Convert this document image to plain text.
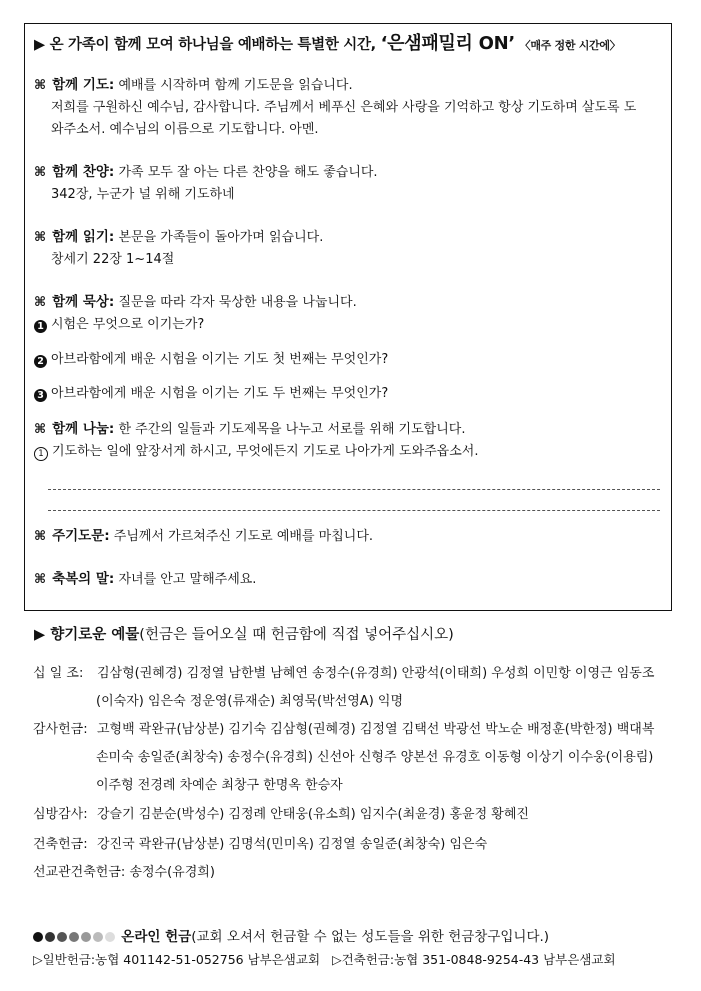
▶ 온 가족이 함께 모여 하나님을 예배하는 특별한 시간, ‘은샘패밀리 ON’ 〈매주 정한 시간에〉
⌘ 함께 기도: 예배를 시작하며 함께 기도문을 읽습니다.
저희를 구원하신 예수님, 감사합니다. 주님께서 베푸신 은혜와 사랑을 기억하고 항상 기도하며 살도록 도
와주소서. 예수님의 이름으로 기도합니다. 아멘.
⌘ 함께 찬양: 가족 모두 잘 아는 다른 찬양을 해도 좋습니다.
342장, 누군가 널 위해 기도하네
⌘ 함께 읽기: 본문을 가족들이 돌아가며 읽습니다.
창세기 22장 1~14절
⌘ 함께 묵상: 질문을 따라 각자 묵상한 내용을 나눕니다.
1 시험은 무엇으로 이기는가?
2 아브라함에게 배운 시험을 이기는 기도 첫 번째는 무엇인가?
3 아브라함에게 배운 시험을 이기는 기도 두 번째는 무엇인가?
⌘ 함께 나눔: 한 주간의 일들과 기도제목을 나누고 서로를 위해 기도합니다.
1 기도하는 일에 앞장서게 하시고, 무엇에든지 기도로 나아가게 도와주옵소서.
⌘ 주기도문: 주님께서 가르쳐주신 기도로 예배를 마칩니다.
⌘ 축복의 말: 자녀를 안고 말해주세요.
▶ 향기로운 예물(헌금은 들어오실 때 헌금함에 직접 넣어주십시오)
십 일 조: 김삼형(권혜경) 김정열 남한별 남혜연 송정수(유경희) 안광석(이태희) 우성희 이민항 이영근 임동조
(이숙자) 임은숙 정운영(류재순) 최영묵(박선영A) 익명
감사헌금: 고형백 곽완규(남상분) 김기숙 김삼형(권혜경) 김정열 김택선 박광선 박노순 배정훈(박한정) 백대복
손미숙 송일준(최창숙) 송정수(유경희) 신선아 신형주 양본선 유경호 이동형 이상기 이수웅(이용림)
이주형 전경례 차예순 최창구 한명옥 한승자
심방감사: 강슬기 김분순(박성수) 김정례 안태웅(유소희) 임지수(최윤경) 홍윤정 황혜진
건축헌금: 강진국 곽완규(남상분) 김명석(민미옥) 김정열 송일준(최창숙) 임은숙
선교관건축헌금: 송정수(유경희)
온라인 헌금(교회 오셔서 헌금할 수 없는 성도들을 위한 헌금창구입니다.)
▷일반헌금:농협 401142-51-052756 남부은샘교회 ▷건축헌금:농협 351-0848-9254-43 남부은샘교회
